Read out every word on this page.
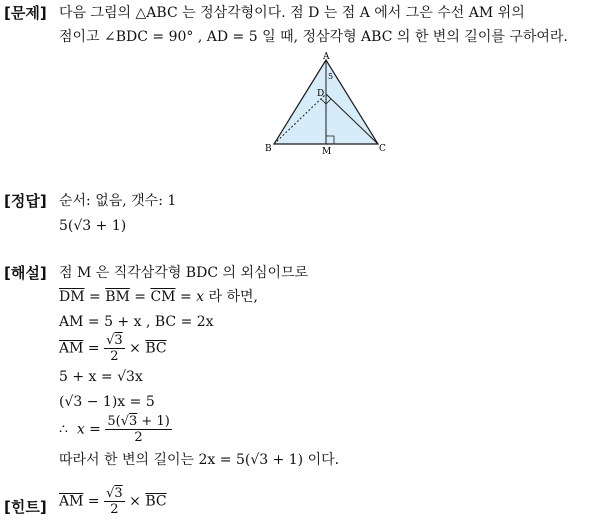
[문제] 다음 그림의 △ABC 는 정삼각형이다. 점 D 는 점 A 에서 그은 수선 AM 위의
점이고 ∠BDC = 90° , AD = 5 일 때, 정삼각형 ABC 의 한 변의 길이를 구하여라.
A
B	C
D
M
5
[정답] 순서: 없음, 갯수: 1
5(√3 + 1)
[해설] 점 M 은 직각삼각형 BDC 의 외심이므로
$\overline{DM} = \overline{BM} = \overline{CM} = x$ 라 하면,
AM = 5 + x , BC = 2x
$\overline{AM} = \frac{√3}{2} \times \overline{BC}$
5 + x = √3x
(√3 − 1)x = 5
∴  $x = \frac{5(√3 + 1)}{2}$
따라서 한 변의 길이는 2x = 5(√3 + 1) 이다.
[힌트] $\overline{AM} = \frac{√3}{2} \times \overline{BC}$
